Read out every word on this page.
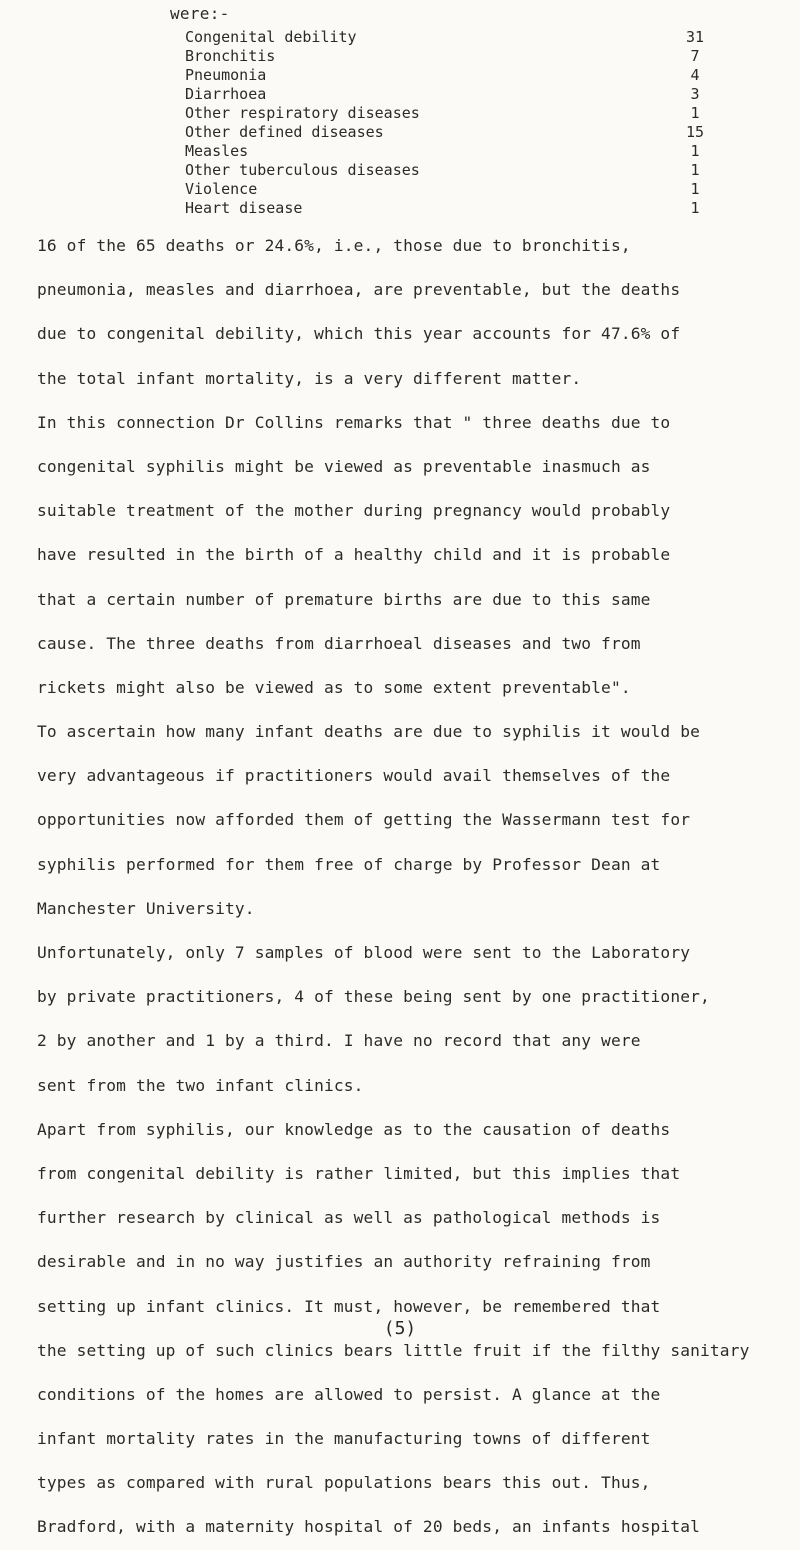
were:-
Congenital debility	31
Bronchitis	7
Pneumonia	4
Diarrhoea	3
Other respiratory diseases	1
Other defined diseases	15
Measles	1
Other tuberculous diseases	1
Violence	1
Heart disease	1
16 of the 65 deaths or 24.6%, i.e., those due to bronchitis,
pneumonia, measles and diarrhoea, are preventable, but the deaths
due to congenital debility, which this year accounts for 47.6% of
the total infant mortality, is a very different matter.
In this connection Dr Collins remarks that " three deaths due to
congenital syphilis might be viewed as preventable inasmuch as
suitable treatment of the mother during pregnancy would probably
have resulted in the birth of a healthy child and it is probable
that a certain number of premature births are due to this same
cause. The three deaths from diarrhoeal diseases and two from
rickets might also be viewed as to some extent preventable".
To ascertain how many infant deaths are due to syphilis it would be
very advantageous if practitioners would avail themselves of the
opportunities now afforded them of getting the Wassermann test for
syphilis performed for them free of charge by Professor Dean at
Manchester University.
Unfortunately, only 7 samples of blood were sent to the Laboratory
by private practitioners, 4 of these being sent by one practitioner,
2 by another and 1 by a third. I have no record that any were
sent from the two infant clinics.
Apart from syphilis, our knowledge as to the causation of deaths
from congenital debility is rather limited, but this implies that
further research by clinical as well as pathological methods is
desirable and in no way justifies an authority refraining from
setting up infant clinics. It must, however, be remembered that
the setting up of such clinics bears little fruit if the filthy sanitary
conditions of the homes are allowed to persist. A glance at the
infant mortality rates in the manufacturing towns of different
types as compared with rural populations bears this out. Thus,
Bradford, with a maternity hospital of 20 beds, an infants hospital
(5)
